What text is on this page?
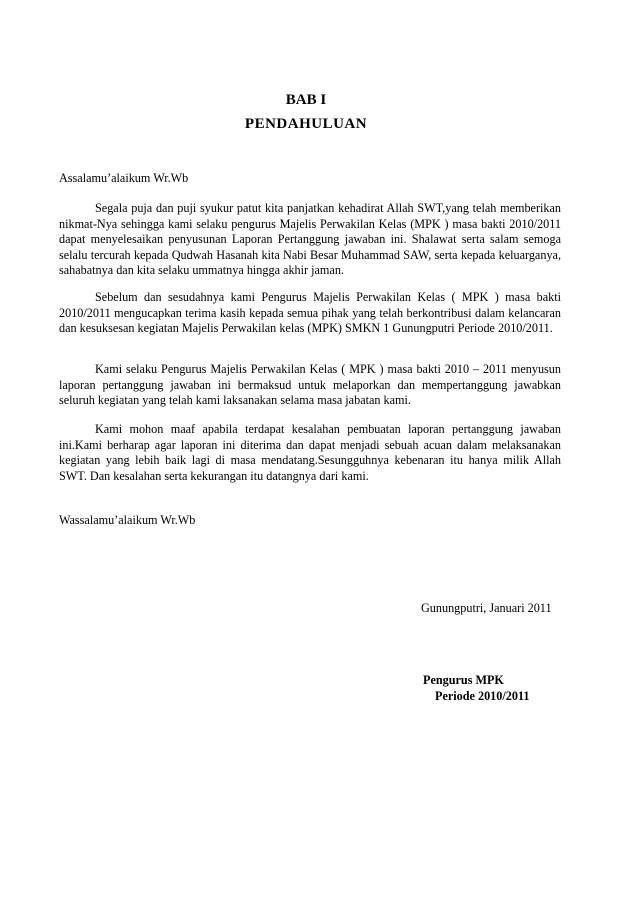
BAB I
PENDAHULUAN
Assalamu’alaikum Wr.Wb
Segala puja dan puji syukur patut kita panjatkan kehadirat Allah SWT,yang telah memberikan nikmat-Nya sehingga kami selaku pengurus Majelis Perwakilan Kelas (MPK ) masa bakti 2010/2011 dapat menyelesaikan penyusunan Laporan Pertanggung jawaban ini. Shalawat serta salam semoga selalu tercurah kepada Qudwah Hasanah kita Nabi Besar Muhammad SAW, serta kepada keluarganya, sahabatnya dan kita selaku ummatnya hingga akhir jaman.
Sebelum dan sesudahnya kami Pengurus Majelis Perwakilan Kelas ( MPK ) masa bakti 2010/2011 mengucapkan terima kasih kepada semua pihak yang telah berkontribusi dalam kelancaran dan kesuksesan kegiatan Majelis Perwakilan kelas (MPK) SMKN 1 Gunungputri Periode 2010/2011.
Kami selaku Pengurus Majelis Perwakilan Kelas ( MPK ) masa bakti 2010 – 2011 menyusun laporan pertanggung jawaban ini bermaksud untuk melaporkan dan mempertanggung jawabkan seluruh kegiatan yang telah kami laksanakan selama masa jabatan kami.
Kami mohon maaf apabila terdapat kesalahan pembuatan laporan pertanggung jawaban ini.Kami berharap agar laporan ini diterima dan dapat menjadi sebuah acuan dalam melaksanakan kegiatan yang lebih baik lagi di masa mendatang.Sesungguhnya kebenaran itu hanya milik Allah SWT. Dan kesalahan serta kekurangan itu datangnya dari kami.
Wassalamu’alaikum Wr.Wb
Gunungputri, Januari 2011
Pengurus MPK
Periode 2010/2011
